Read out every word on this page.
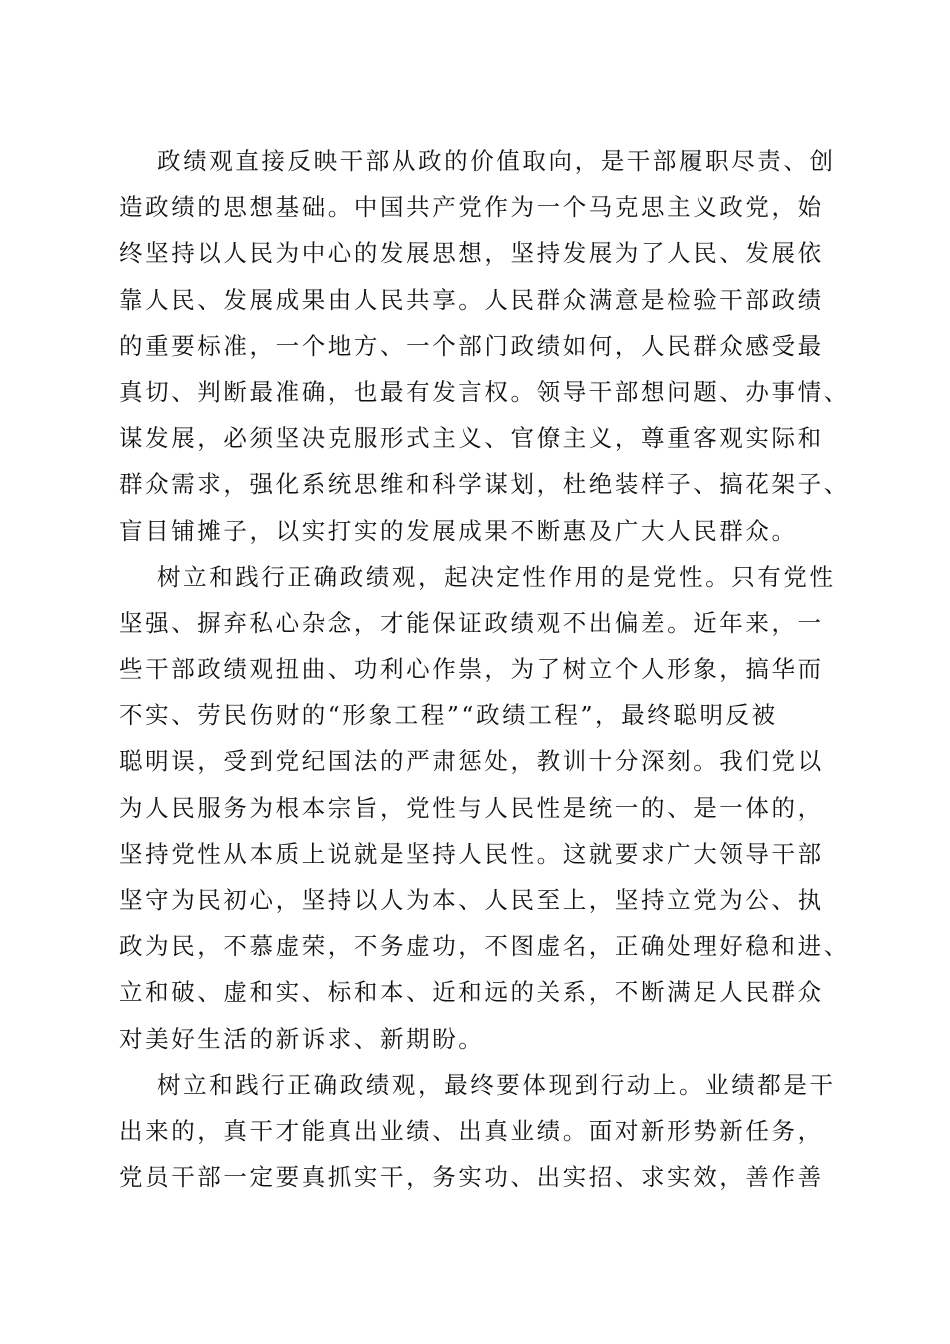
政绩观直接反映干部从政的价值取向，是干部履职尽责、创
造政绩的思想基础。中国共产党作为一个马克思主义政党，始
终坚持以人民为中心的发展思想，坚持发展为了人民、发展依
靠人民、发展成果由人民共享。人民群众满意是检验干部政绩
的重要标准，一个地方、一个部门政绩如何，人民群众感受最
真切、判断最准确，也最有发言权。领导干部想问题、办事情、
谋发展，必须坚决克服形式主义、官僚主义，尊重客观实际和
群众需求，强化系统思维和科学谋划，杜绝装样子、搞花架子、
盲目铺摊子，以实打实的发展成果不断惠及广大人民群众。
树立和践行正确政绩观，起决定性作用的是党性。只有党性
坚强、摒弃私心杂念，才能保证政绩观不出偏差。近年来，一
些干部政绩观扭曲、功利心作祟，为了树立个人形象，搞华而
不实、劳民伤财的“形象工程”“政绩工程”，最终聪明反被
聪明误，受到党纪国法的严肃惩处，教训十分深刻。我们党以
为人民服务为根本宗旨，党性与人民性是统一的、是一体的，
坚持党性从本质上说就是坚持人民性。这就要求广大领导干部
坚守为民初心，坚持以人为本、人民至上，坚持立党为公、执
政为民，不慕虚荣，不务虚功，不图虚名，正确处理好稳和进、
立和破、虚和实、标和本、近和远的关系，不断满足人民群众
对美好生活的新诉求、新期盼。
树立和践行正确政绩观，最终要体现到行动上。业绩都是干
出来的，真干才能真出业绩、出真业绩。面对新形势新任务，
党员干部一定要真抓实干，务实功、出实招、求实效，善作善
